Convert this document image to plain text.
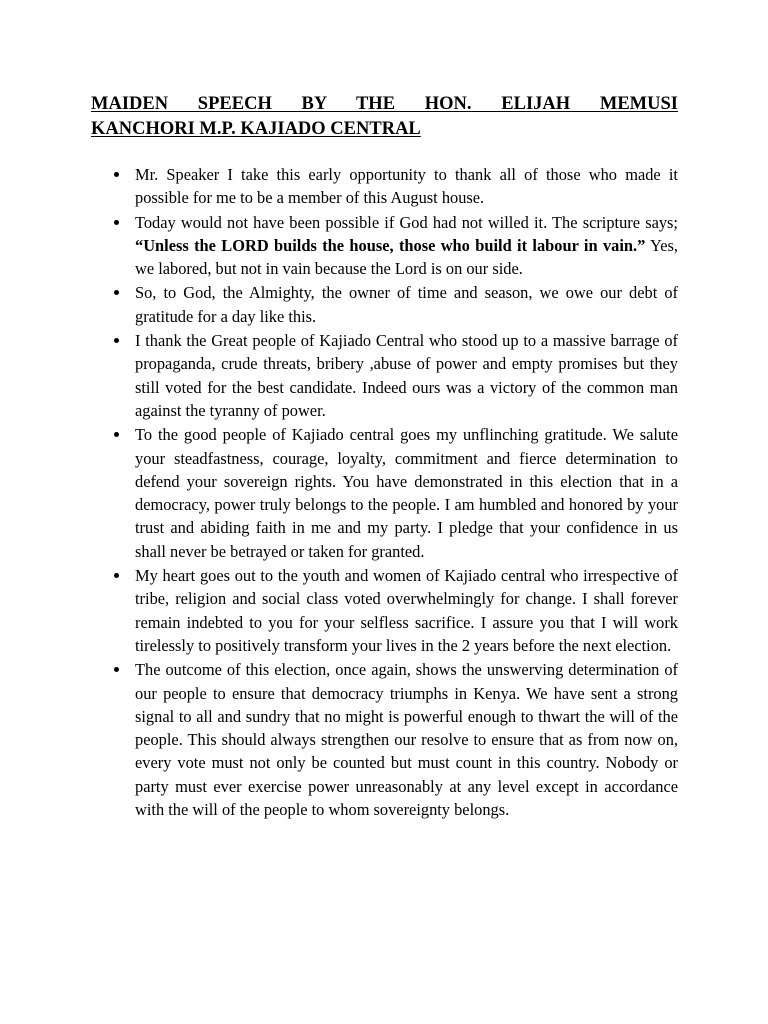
MAIDEN SPEECH BY THE HON. ELIJAH MEMUSI
KANCHORI M.P. KAJIADO CENTRAL
Mr. Speaker I take this early opportunity to thank all of those who made it possible for me to be a member of this August house.
Today would not have been possible if God had not willed it. The scripture says; “Unless the LORD builds the house, those who build it labour in vain.” Yes, we labored, but not in vain because the Lord is on our side.
So, to God, the Almighty, the owner of time and season, we owe our debt of gratitude for a day like this.
I thank the Great people of Kajiado Central who stood up to a massive barrage of propaganda, crude threats, bribery ,abuse of power and empty promises but they still voted for the best candidate. Indeed ours was a victory of the common man against the tyranny of power.
To the good people of Kajiado central goes my unflinching gratitude. We salute your steadfastness, courage, loyalty, commitment and fierce determination to defend your sovereign rights. You have demonstrated in this election that in a democracy, power truly belongs to the people. I am humbled and honored by your trust and abiding faith in me and my party. I pledge that your confidence in us shall never be betrayed or taken for granted.
My heart goes out to the youth and women of Kajiado central who irrespective of tribe, religion and social class voted overwhelmingly for change. I shall forever remain indebted to you for your selfless sacrifice. I assure you that I will work tirelessly to positively transform your lives in the 2 years before the next election.
The outcome of this election, once again, shows the unswerving determination of our people to ensure that democracy triumphs in Kenya. We have sent a strong signal to all and sundry that no might is powerful enough to thwart the will of the people. This should always strengthen our resolve to ensure that as from now on, every vote must not only be counted but must count in this country. Nobody or party must ever exercise power unreasonably at any level except in accordance with the will of the people to whom sovereignty belongs.
